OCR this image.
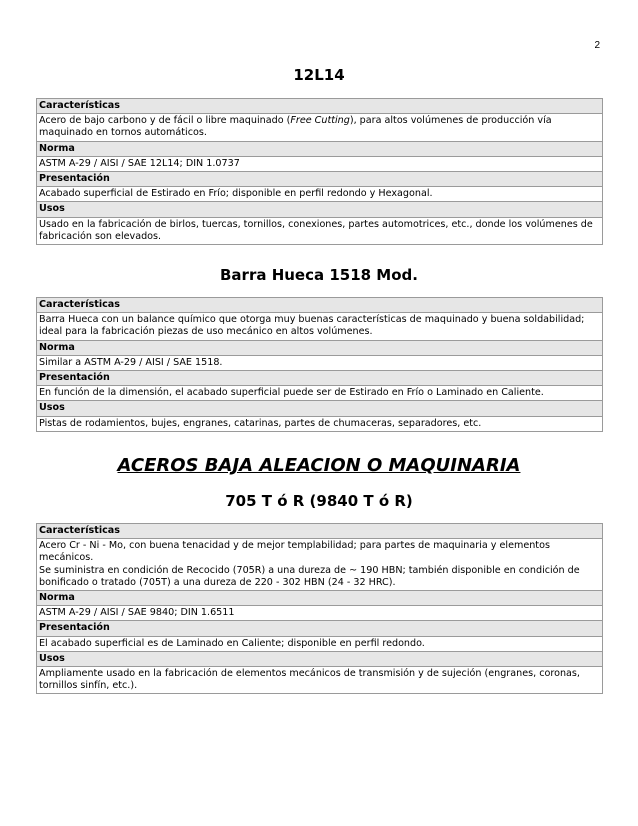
2
12L14
Características
Acero de bajo carbono y de fácil o libre maquinado (Free Cutting), para altos volúmenes de producción vía maquinado en tornos automáticos.
Norma
ASTM A-29 / AISI / SAE 12L14; DIN 1.0737
Presentación
Acabado superficial de Estirado en Frío; disponible en perfil redondo y Hexagonal.
Usos
Usado en la fabricación de birlos, tuercas, tornillos, conexiones, partes automotrices, etc., donde los volúmenes de fabricación son elevados.
Barra Hueca 1518 Mod.
Características
Barra Hueca con un balance químico que otorga muy buenas características de maquinado y buena soldabilidad; ideal para la fabricación piezas de uso mecánico en altos volúmenes.
Norma
Similar a ASTM A-29 / AISI / SAE 1518.
Presentación
En función de la dimensión, el acabado superficial puede ser de Estirado en Frío o Laminado en Caliente.
Usos
Pistas de rodamientos, bujes, engranes, catarinas, partes de chumaceras, separadores, etc.
ACEROS BAJA ALEACION O MAQUINARIA
705 T ó R (9840 T ó R)
Características
Acero Cr - Ni - Mo, con buena tenacidad y de mejor templabilidad; para partes de maquinaria y elementos mecánicos.
Se suministra en condición de Recocido (705R) a una dureza de ~ 190 HBN; también disponible en condición de bonificado o tratado (705T) a una dureza de 220 - 302 HBN (24 - 32 HRC).
Norma
ASTM A-29 / AISI / SAE 9840; DIN 1.6511
Presentación
El acabado superficial es de Laminado en Caliente; disponible en perfil redondo.
Usos
Ampliamente usado en la fabricación de elementos mecánicos de transmisión y de sujeción (engranes, coronas, tornillos sinfín, etc.).
